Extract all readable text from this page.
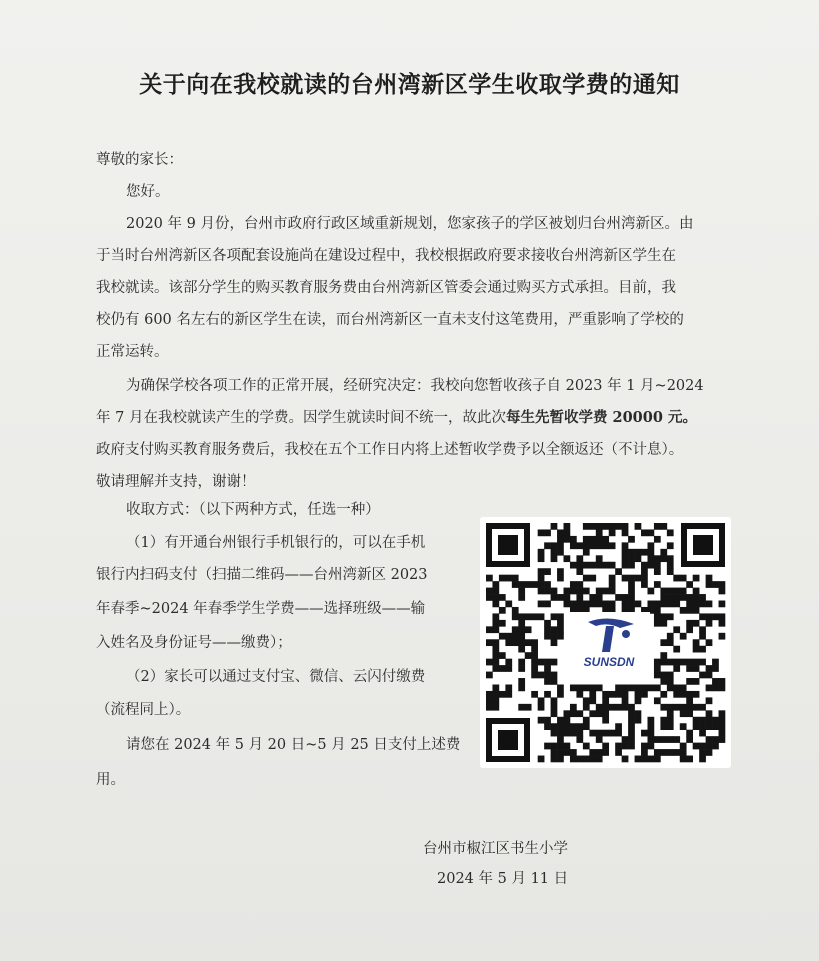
关于向在我校就读的台州湾新区学生收取学费的通知
尊敬的家长：
您好。
2020 年 9 月份，台州市政府行政区域重新规划，您家孩子的学区被划归台州湾新区。由
于当时台州湾新区各项配套设施尚在建设过程中，我校根据政府要求接收台州湾新区学生在
我校就读。该部分学生的购买教育服务费由台州湾新区管委会通过购买方式承担。目前，我
校仍有 600 名左右的新区学生在读，而台州湾新区一直未支付这笔费用，严重影响了学校的
正常运转。
为确保学校各项工作的正常开展，经研究决定：我校向您暂收孩子自 2023 年 1 月~2024
年 7 月在我校就读产生的学费。因学生就读时间不统一，故此次每生先暂收学费 20000 元。
政府支付购买教育服务费后，我校在五个工作日内将上述暂收学费予以全额返还（不计息）。
敬请理解并支持，谢谢！
收取方式：（以下两种方式，任选一种）
（1）有开通台州银行手机银行的，可以在手机
银行内扫码支付（扫描二维码——台州湾新区 2023
年春季~2024 年春季学生学费——选择班级——输
入姓名及身份证号——缴费）；
（2）家长可以通过支付宝、微信、云闪付缴费
（流程同上）。
请您在 2024 年 5 月 20 日~5 月 25 日支付上述费
用。
台州市椒江区书生小学
2024 年 5 月 11 日
SUNSDN
